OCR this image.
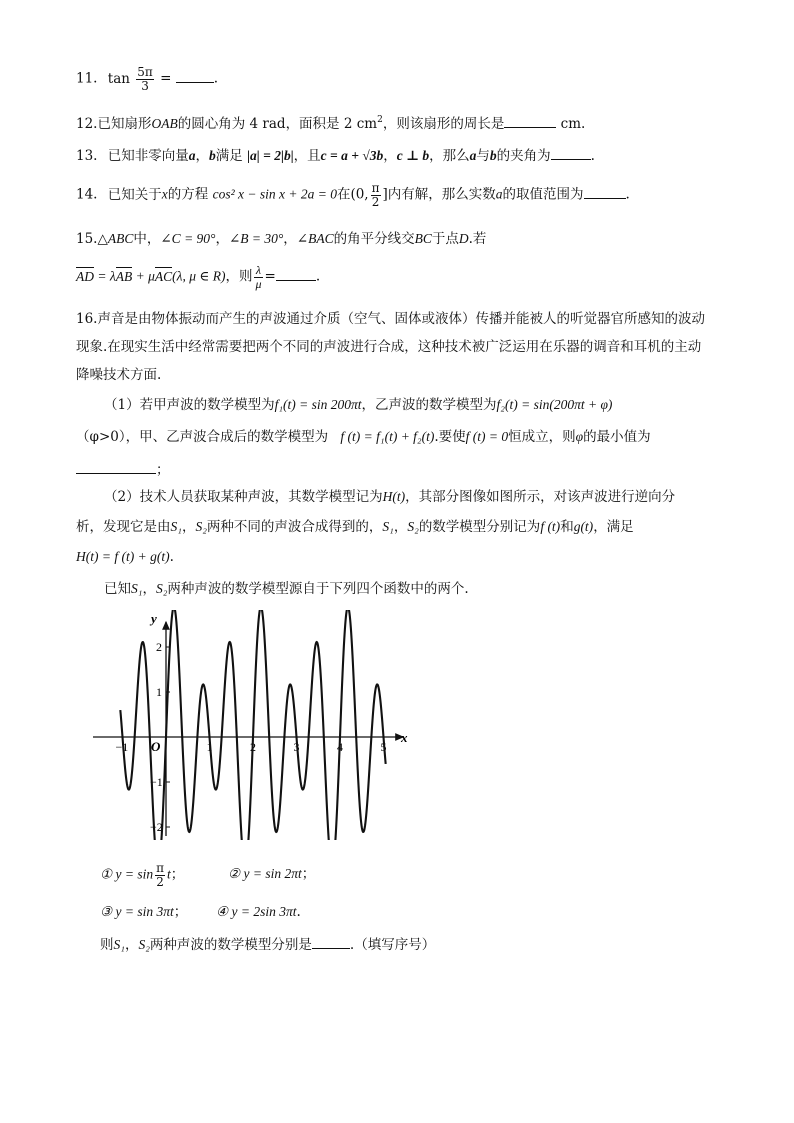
11. $\tan \frac{5\pi}{3}$ =	.
12.已知扇形OAB的圆心角为 4 rad，面积是 2 $cm^2$，则该扇形的周长是	cm.
13. 已知非零向量a，b满足 |a| = 2|b|，且c = a + √3b，c ⊥ b，那么a与b的夹角为	.
14. 已知关于x的方程 cos² x − sin x + 2a = 0在(0, $\frac{\pi}{2}$ ]内有解，那么实数a的取值范围为	.
15.△ABC中，∠C = 90°，∠B = 30°，∠BAC的角平分线交BC于点D.若
AD = λAB + μAC(λ, μ ∈ R)，则 $\frac{\lambda}{\mu}$ =	.
16.声音是由物体振动而产生的声波通过介质（空气、固体或液体）传播并能被人的听觉器官所感知的波动
现象.在现实生活中经常需要把两个不同的声波进行合成，这种技术被广泛运用在乐器的调音和耳机的主动
降噪技术方面.
（1）若甲声波的数学模型为f₁(t) = sin 200πt，乙声波的数学模型为f₂(t) = sin(200πt + φ)
（φ>0），甲、乙声波合成后的数学模型为 f (t) = f₁(t) + f₂(t).要使f (t) = 0恒成立，则φ的最小值为
；
（2）技术人员获取某种声波，其数学模型记为H(t)，其部分图像如图所示，对该声波进行逆向分
析，发现它是由S₁，S₂两种不同的声波合成得到的，S₁，S₂的数学模型分别记为f (t)和g(t)，满足
H(t) = f (t) + g(t).
已知S₁，S₂两种声波的数学模型源自于下列四个函数中的两个.
−1	1	2	3	4	5
2
1
−1
−2
x
y
O
① $y = \sin \frac{\pi}{2}$ t；	② y = sin 2πt；
③ y = sin 3πt； ④ y = 2sin 3πt.
则S₁，S₂两种声波的数学模型分别是	.（填写序号）
